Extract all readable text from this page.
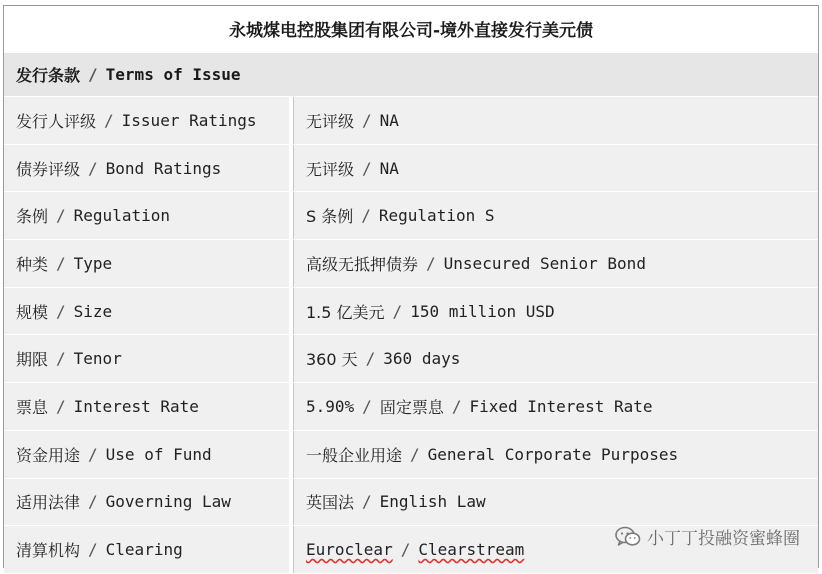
永城煤电控股集团有限公司-境外直接发行美元债
发行条款 / Terms of Issue
发行人评级 / Issuer Ratings	无评级 / NA
债券评级 / Bond Ratings	无评级 / NA
条例 / Regulation	S 条例 / Regulation S
种类 / Type	高级无抵押债券 / Unsecured Senior Bond
规模 / Size	1.5 亿美元 / 150 million USD
期限 / Tenor	360 天 / 360 days
票息 / Interest Rate	5.90% / 固定票息 / Fixed Interest Rate
资金用途 / Use of Fund	一般企业用途 / General Corporate Purposes
适用法律 / Governing Law	英国法 / English Law
清算机构 / Clearing	Euroclear / Clearstream
小丁丁投融资蜜蜂圈
